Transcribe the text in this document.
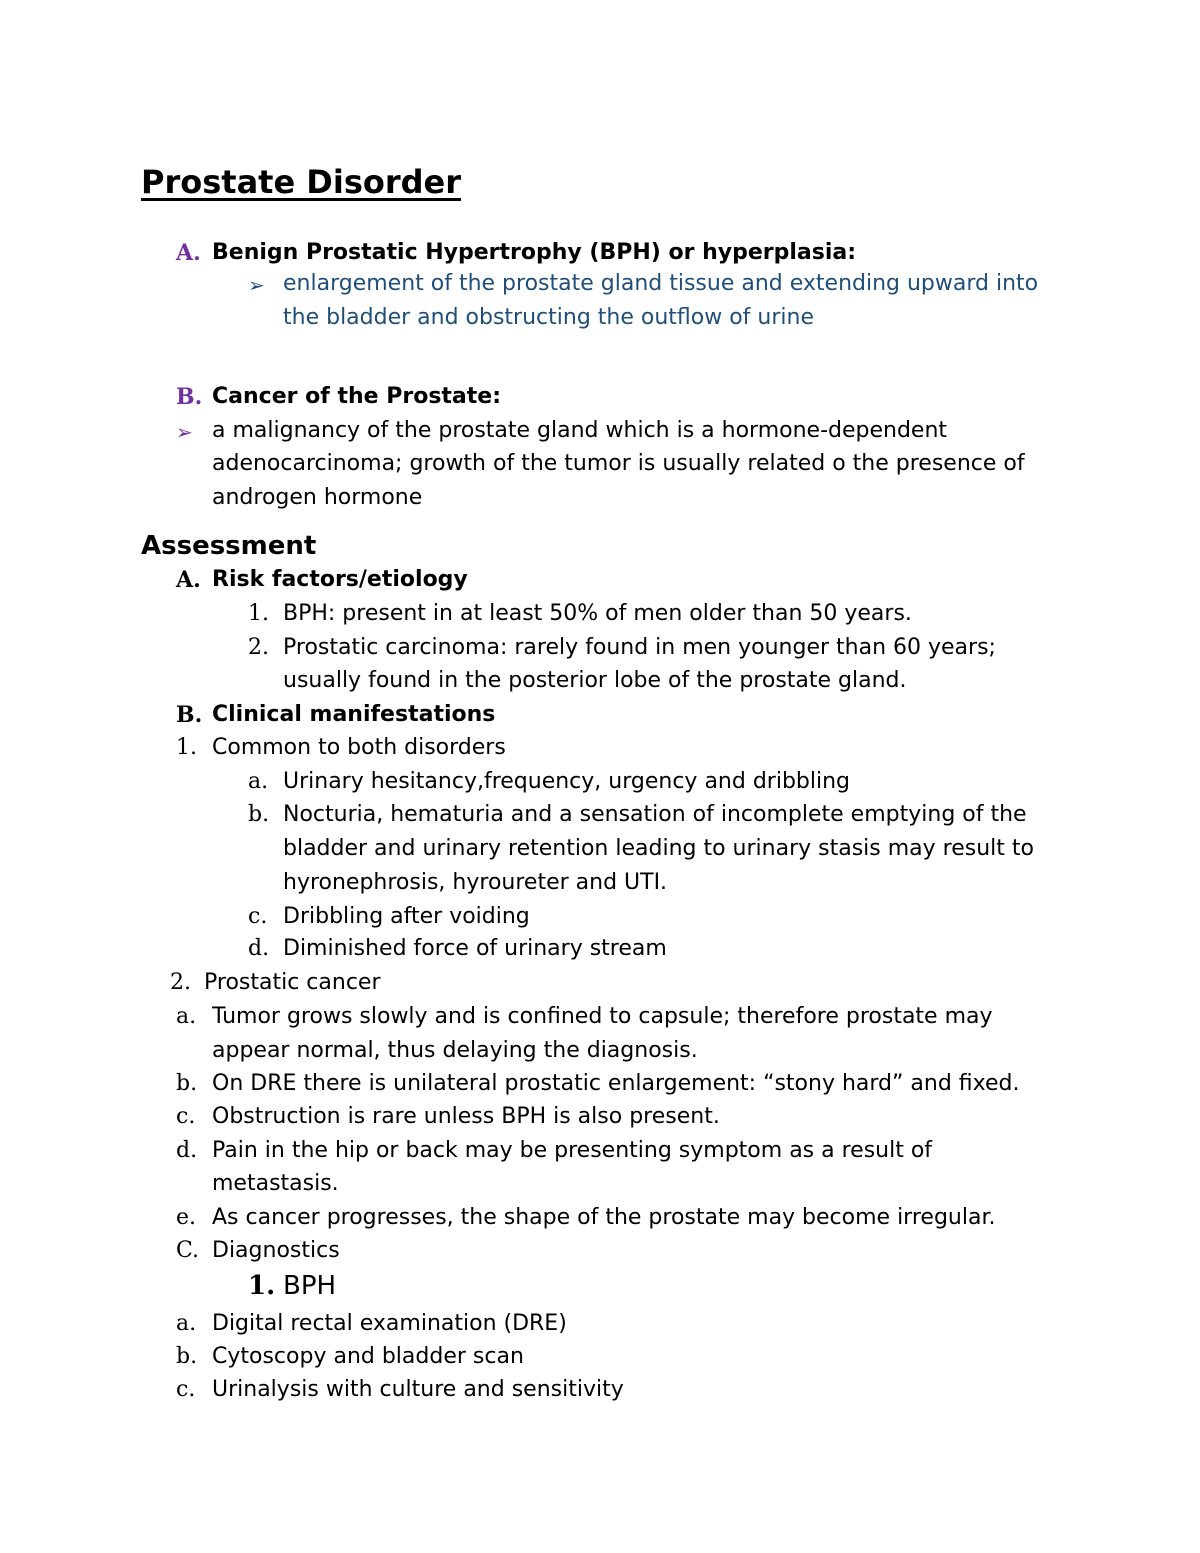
Prostate Disorder
A. Benign Prostatic Hypertrophy (BPH) or hyperplasia:
➢ enlargement of the prostate gland tissue and extending upward into
the bladder and obstructing the outflow of urine
B. Cancer of the Prostate:
➢ a malignancy of the prostate gland which is a hormone-dependent
adenocarcinoma; growth of the tumor is usually related o the presence of
androgen hormone
Assessment
A. Risk factors/etiology
1. BPH: present in at least 50% of men older than 50 years.
2. Prostatic carcinoma: rarely found in men younger than 60 years;
usually found in the posterior lobe of the prostate gland.
B. Clinical manifestations
1. Common to both disorders
a. Urinary hesitancy,frequency, urgency and dribbling
b. Nocturia, hematuria and a sensation of incomplete emptying of the
bladder and urinary retention leading to urinary stasis may result to
hyronephrosis, hyroureter and UTI.
c. Dribbling after voiding
d. Diminished force of urinary stream
2. Prostatic cancer
a. Tumor grows slowly and is confined to capsule; therefore prostate may
appear normal, thus delaying the diagnosis.
b. On DRE there is unilateral prostatic enlargement: “stony hard” and fixed.
c. Obstruction is rare unless BPH is also present.
d. Pain in the hip or back may be presenting symptom as a result of
metastasis.
e. As cancer progresses, the shape of the prostate may become irregular.
C. Diagnostics
1. BPH
a. Digital rectal examination (DRE)
b. Cytoscopy and bladder scan
c. Urinalysis with culture and sensitivity
